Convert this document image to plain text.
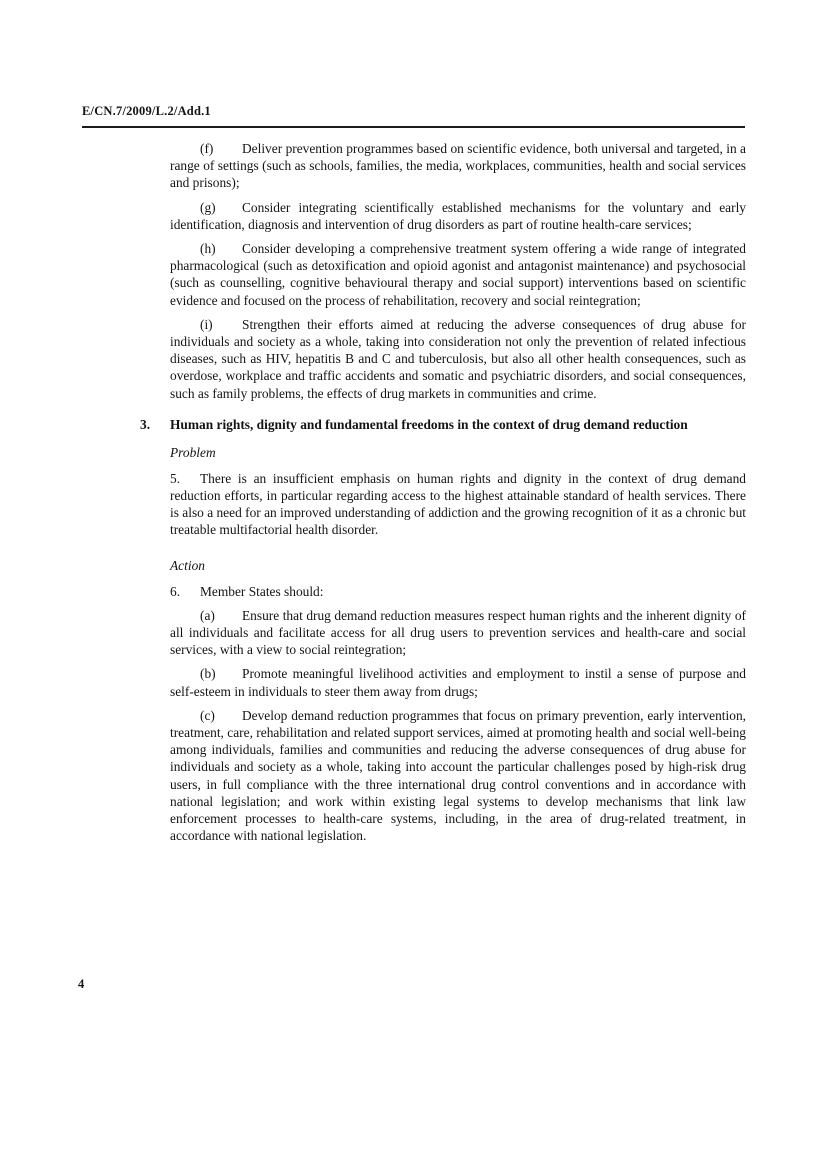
E/CN.7/2009/L.2/Add.1

(f) Deliver prevention programmes based on scientific evidence, both universal and targeted, in a range of settings (such as schools, families, the media, workplaces, communities, health and social services and prisons);

(g) Consider integrating scientifically established mechanisms for the voluntary and early identification, diagnosis and intervention of drug disorders as part of routine health-care services;

(h) Consider developing a comprehensive treatment system offering a wide range of integrated pharmacological (such as detoxification and opioid agonist and antagonist maintenance) and psychosocial (such as counselling, cognitive behavioural therapy and social support) interventions based on scientific evidence and focused on the process of rehabilitation, recovery and social reintegration;

(i) Strengthen their efforts aimed at reducing the adverse consequences of drug abuse for individuals and society as a whole, taking into consideration not only the prevention of related infectious diseases, such as HIV, hepatitis B and C and tuberculosis, but also all other health consequences, such as overdose, workplace and traffic accidents and somatic and psychiatric disorders, and social consequences, such as family problems, the effects of drug markets in communities and crime.

3. Human rights, dignity and fundamental freedoms in the context of drug demand reduction

Problem

5. There is an insufficient emphasis on human rights and dignity in the context of drug demand reduction efforts, in particular regarding access to the highest attainable standard of health services. There is also a need for an improved understanding of addiction and the growing recognition of it as a chronic but treatable multifactorial health disorder.

Action

6. Member States should:

(a) Ensure that drug demand reduction measures respect human rights and the inherent dignity of all individuals and facilitate access for all drug users to prevention services and health-care and social services, with a view to social reintegration;

(b) Promote meaningful livelihood activities and employment to instil a sense of purpose and self-esteem in individuals to steer them away from drugs;

(c) Develop demand reduction programmes that focus on primary prevention, early intervention, treatment, care, rehabilitation and related support services, aimed at promoting health and social well-being among individuals, families and communities and reducing the adverse consequences of drug abuse for individuals and society as a whole, taking into account the particular challenges posed by high-risk drug users, in full compliance with the three international drug control conventions and in accordance with national legislation; and work within existing legal systems to develop mechanisms that link law enforcement processes to health-care systems, including, in the area of drug-related treatment, in accordance with national legislation.

4
